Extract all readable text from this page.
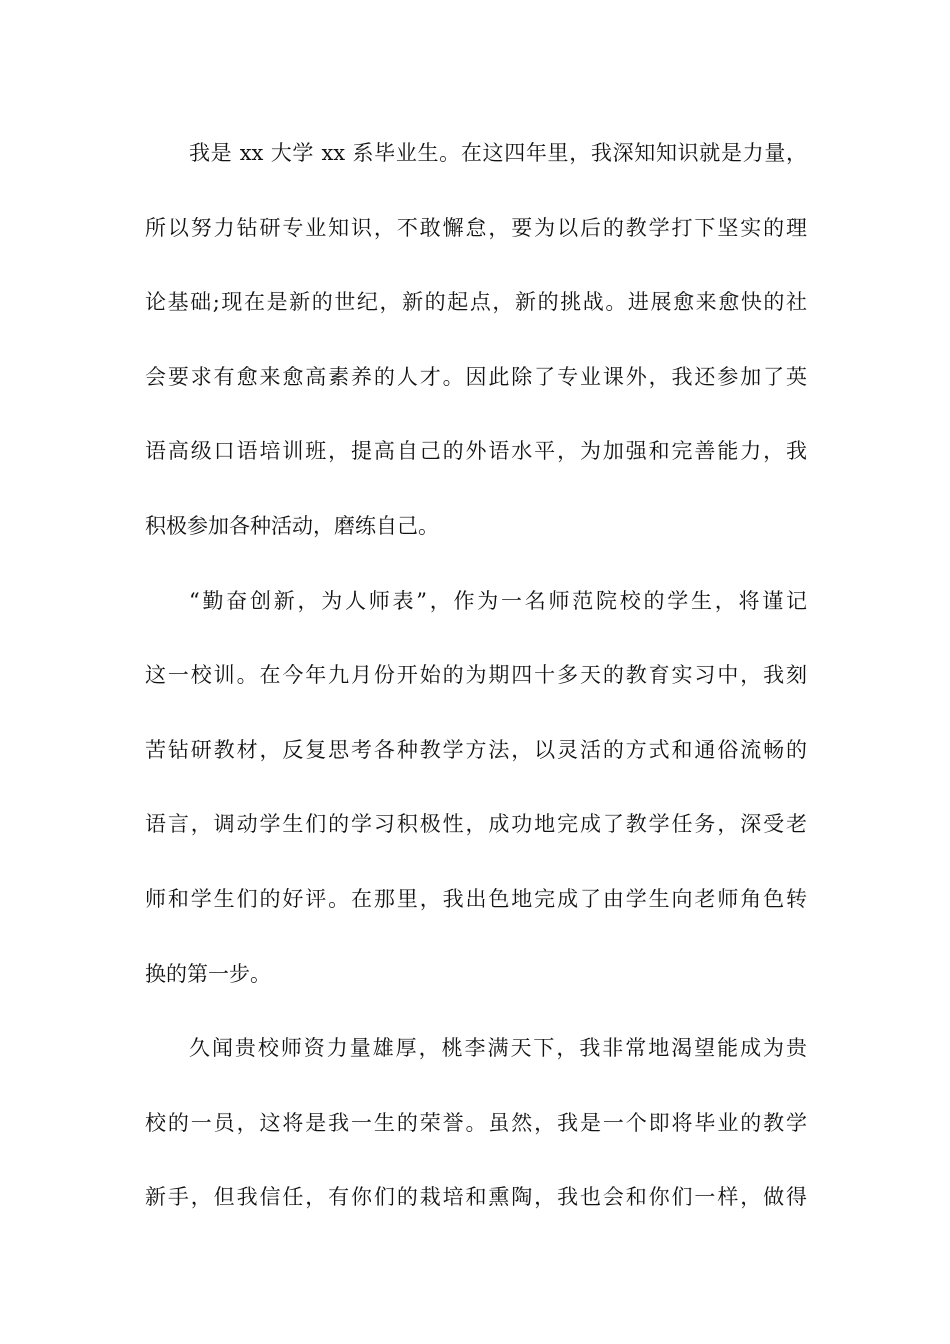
我是 xx 大学 xx 系毕业生。在这四年里，我深知知识就是力量，
所以努力钻研专业知识，不敢懈怠，要为以后的教学打下坚实的理
论基础;现在是新的世纪，新的起点，新的挑战。进展愈来愈快的社
会要求有愈来愈高素养的人才。因此除了专业课外，我还参加了英
语高级口语培训班，提高自己的外语水平，为加强和完善能力，我
积极参加各种活动，磨练自己。
“勤奋创新，为人师表”，作为一名师范院校的学生，将谨记
这一校训。在今年九月份开始的为期四十多天的教育实习中，我刻
苦钻研教材，反复思考各种教学方法，以灵活的方式和通俗流畅的
语言，调动学生们的学习积极性，成功地完成了教学任务，深受老
师和学生们的好评。在那里，我出色地完成了由学生向老师角色转
换的第一步。
久闻贵校师资力量雄厚，桃李满天下，我非常地渴望能成为贵
校的一员，这将是我一生的荣誉。虽然，我是一个即将毕业的教学
新手，但我信任，有你们的栽培和熏陶，我也会和你们一样，做得
